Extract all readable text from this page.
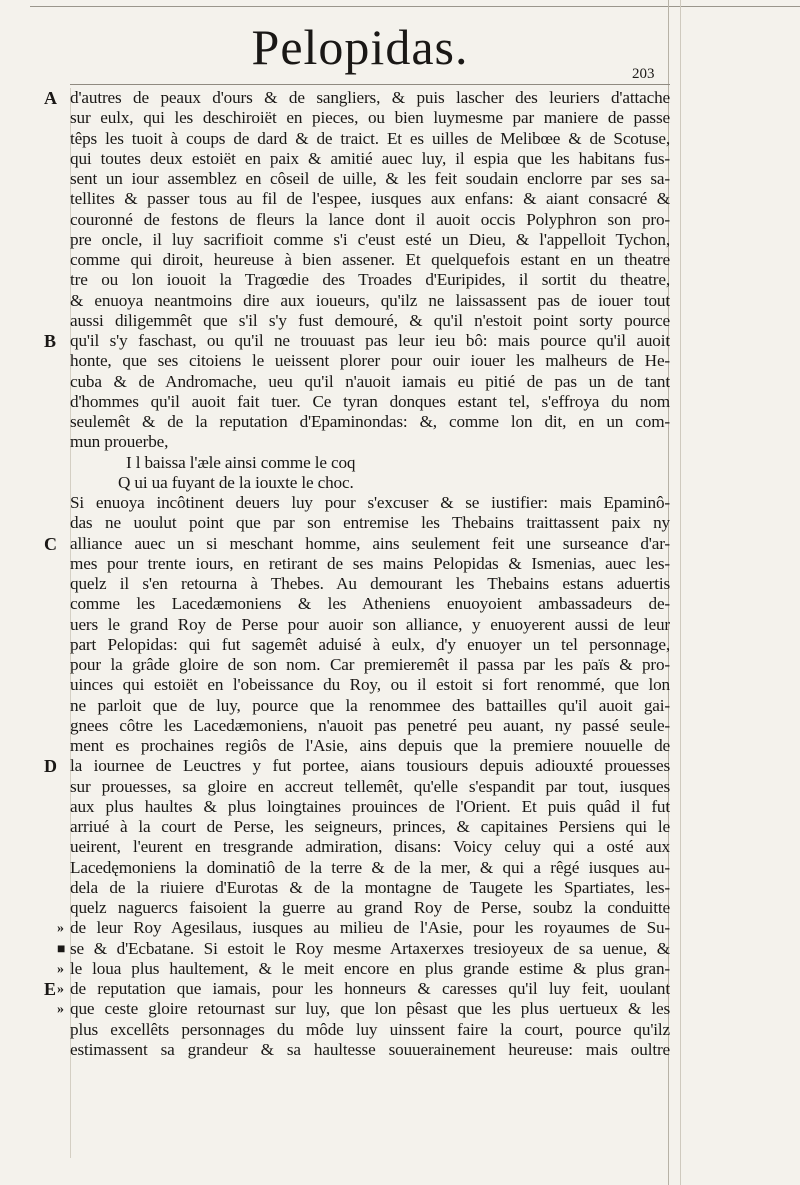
Pelopidas.	203
d'autres de peaux d'ours & de sangliers, & puis lascher des leuriers d'attache
sur eulx, qui les deschiroiët en pieces, ou bien luymesme par maniere de passe
têps les tuoit à coups de dard & de traict. Et es uilles de Melibœe & de Scotuse,
qui toutes deux estoiët en paix & amitié auec luy, il espia que les habitans fus-
sent un iour assemblez en côseil de uille, & les feit soudain enclorre par ses sa-
tellites & passer tous au fil de l'espee, iusques aux enfans: & aiant consacré &
couronné de festons de fleurs la lance dont il auoit occis Polyphron son pro-
pre oncle, il luy sacrifioit comme s'i c'eust esté un Dieu, & l'appelloit Tychon,
comme qui diroit, heureuse à bien assener. Et quelquefois estant en un theatre
tre ou lon iouoit la Tragœdie des Troades d'Euripides, il sortit du theatre,
& enuoya neantmoins dire aux ioueurs, qu'ilz ne laissassent pas de iouer tout
aussi diligemmêt que s'il s'y fust demouré, & qu'il n'estoit point sorty pource
qu'il s'y faschast, ou qu'il ne trouuast pas leur ieu bô: mais pource qu'il auoit
honte, que ses citoiens le ueissent plorer pour ouir iouer les malheurs de He-
cuba & de Andromache, ueu qu'il n'auoit iamais eu pitié de pas un de tant
d'hommes qu'il auoit fait tuer. Ce tyran donques estant tel, s'effroya du nom
seulemêt & de la reputation d'Epaminondas: &, comme lon dit, en un com-
mun prouerbe,
I l baissa l'æle ainsi comme le coq
Q ui ua fuyant de la iouxte le choc.
Si enuoya incôtinent deuers luy pour s'excuser & se iustifier: mais Epaminô-
das ne uoulut point que par son entremise les Thebains traittassent paix ny
alliance auec un si meschant homme, ains seulement feit une surseance d'ar-
mes pour trente iours, en retirant de ses mains Pelopidas & Ismenias, auec les-
quelz il s'en retourna à Thebes. Au demourant les Thebains estans aduertis
comme les Lacedæmoniens & les Atheniens enuoyoient ambassadeurs de-
uers le grand Roy de Perse pour auoir son alliance, y enuoyerent aussi de leur
part Pelopidas: qui fut sagemêt aduisé à eulx, d'y enuoyer un tel personnage,
pour la grâde gloire de son nom. Car premieremêt il passa par les païs & pro-
uinces qui estoiët en l'obeissance du Roy, ou il estoit si fort renommé, que lon
ne parloit que de luy, pource que la renommee des battailles qu'il auoit gai-
gnees côtre les Lacedæmoniens, n'auoit pas penetré peu auant, ny passé seule-
ment es prochaines regiôs de l'Asie, ains depuis que la premiere nouuelle de
la iournee de Leuctres y fut portee, aians tousiours depuis adiouxté prouesses
sur prouesses, sa gloire en accreut tellemêt, qu'elle s'espandit par tout, iusques
aux plus haultes & plus loingtaines prouinces de l'Orient. Et puis quâd il fut
arriué à la court de Perse, les seigneurs, princes, & capitaines Persiens qui le
ueirent, l'eurent en tresgrande admiration, disans: Voicy celuy qui a osté aux
Lacedęmoniens la dominatiô de la terre & de la mer, & qui a rêgé iusques au-
dela de la riuiere d'Eurotas & de la montagne de Taugete les Spartiates, les-
quelz naguercs faisoient la guerre au grand Roy de Perse, soubz la conduitte
de leur Roy Agesilaus, iusques au milieu de l'Asie, pour les royaumes de Su-
se & d'Ecbatane. Si estoit le Roy mesme Artaxerxes tresioyeux de sa uenue, &
le loua plus haultement, & le meit encore en plus grande estime & plus gran-
de reputation que iamais, pour les honneurs & caresses qu'il luy feit, uoulant
que ceste gloire retournast sur luy, que lon pêsast que les plus uertueux & les
plus excellêts personnages du môde luy uinssent faire la court, pource qu'ilz
estimassent sa grandeur & sa haultesse souuerainement heureuse: mais oultre
A
B
C
D
E
»
■
»
»
»
